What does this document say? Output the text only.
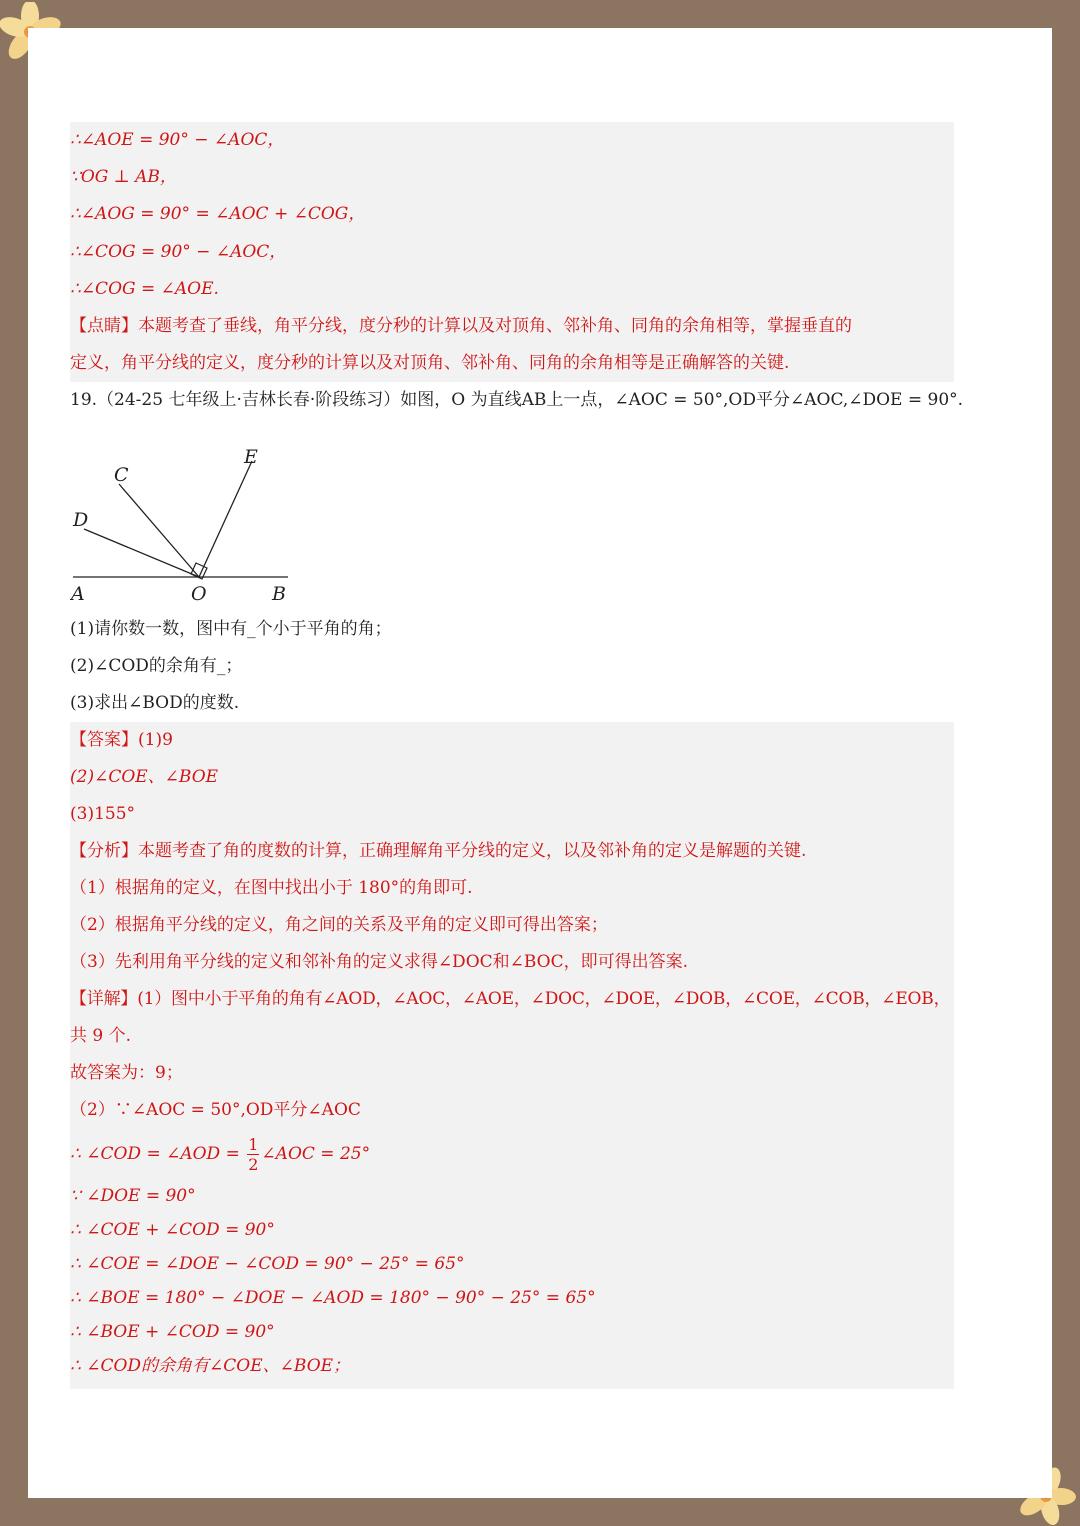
∴∠AOE = 90° − ∠AOC，
∵OG ⊥ AB，
∴∠AOG = 90° = ∠AOC + ∠COG，
∴∠COG = 90° − ∠AOC，
∴∠COG = ∠AOE.
【点睛】本题考查了垂线，角平分线，度分秒的计算以及对顶角、邻补角、同角的余角相等，掌握垂直的
定义，角平分线的定义，度分秒的计算以及对顶角、邻补角、同角的余角相等是正确解答的关键.
19.（24-25 七年级上·吉林长春·阶段练习）如图，O 为直线AB上一点，∠AOC = 50°,OD平分∠AOC,∠DOE = 90°.
C
D
E
A	O	B
(1)请你数一数，图中有_个小于平角的角；
(2)∠COD的余角有_；
(3)求出∠BOD的度数.
【答案】(1)9
(2)∠COE、∠BOE
(3)155°
【分析】本题考查了角的度数的计算，正确理解角平分线的定义，以及邻补角的定义是解题的关键.
（1）根据角的定义，在图中找出小于 180°的角即可.
（2）根据角平分线的定义，角之间的关系及平角的定义即可得出答案；
（3）先利用角平分线的定义和邻补角的定义求得∠DOC和∠BOC，即可得出答案.
【详解】(1）图中小于平角的角有∠AOD，∠AOC，∠AOE，∠DOC，∠DOE，∠DOB，∠COE，∠COB，∠EOB，
共 9 个.
故答案为：9；
（2）∵∠AOC = 50°,OD平分∠AOC
∴ ∠COD = ∠AOD = $\frac{1}{2}$ ∠AOC = 25°
∵ ∠DOE = 90°
∴ ∠COE + ∠COD = 90°
∴ ∠COE = ∠DOE − ∠COD = 90° − 25° = 65°
∴ ∠BOE = 180° − ∠DOE − ∠AOD = 180° − 90° − 25° = 65°
∴ ∠BOE + ∠COD = 90°
∴ ∠COD的余角有∠COE、∠BOE；
